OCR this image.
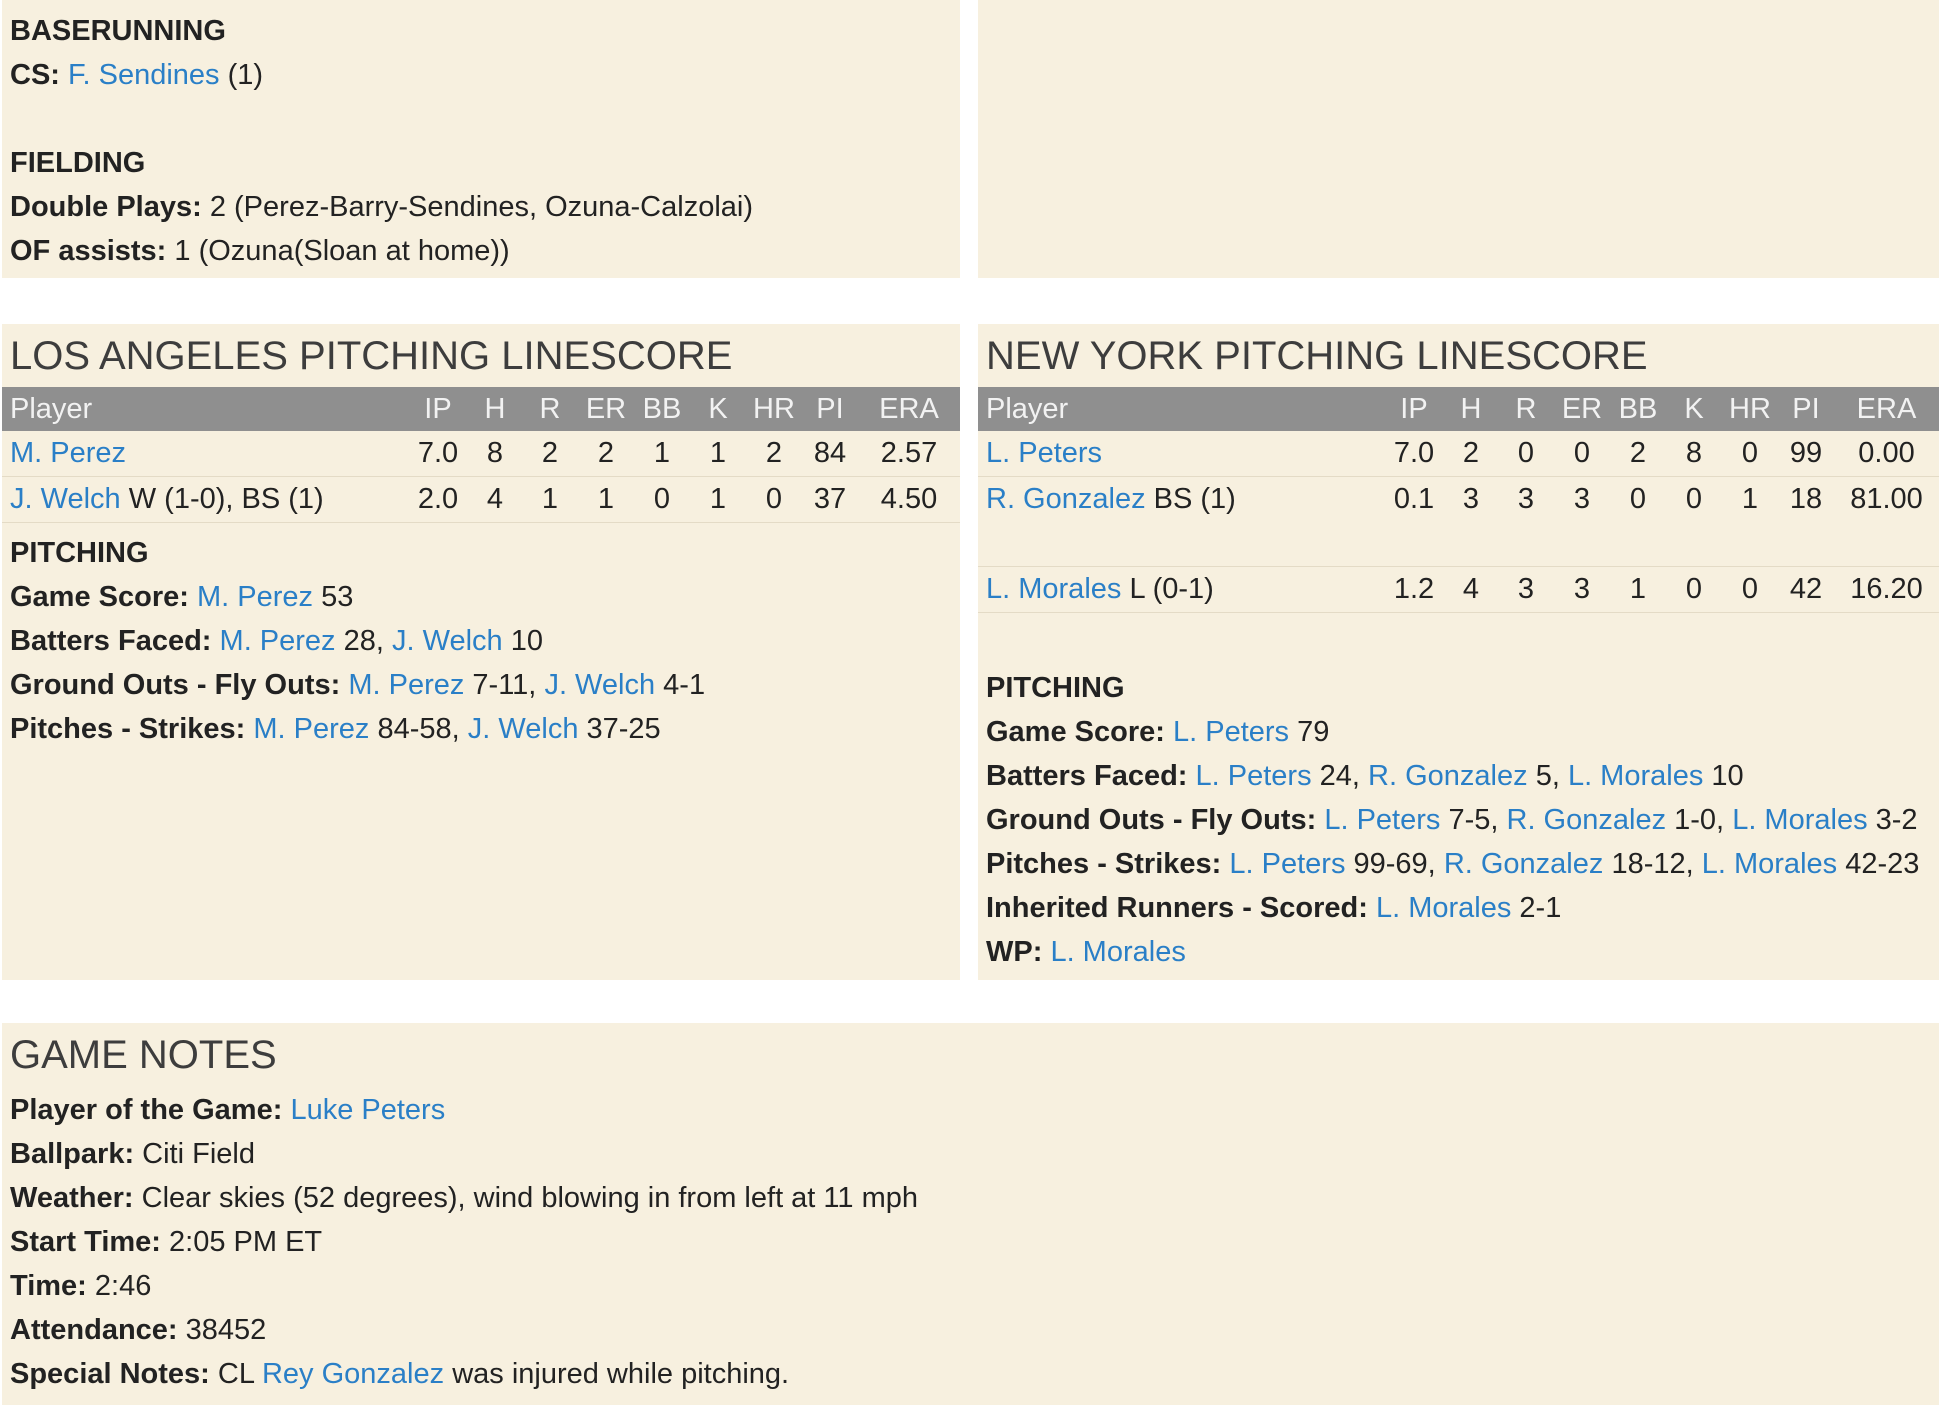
BASERUNNING
CS: F. Sendines (1)
FIELDING
Double Plays: 2 (Perez-Barry-Sendines, Ozuna-Calzolai)
OF assists: 1 (Ozuna(Sloan at home))
LOS ANGELES PITCHING LINESCORE
Player	IP	H	R	ER	BB	K	HR	PI	ERA
M. Perez	7.0	8	2	2	1	1	2	84	2.57
J. Welch W (1-0), BS (1)	2.0	4	1	1	0	1	0	37	4.50
PITCHING
Game Score: M. Perez 53
Batters Faced: M. Perez 28, J. Welch 10
Ground Outs - Fly Outs: M. Perez 7-11, J. Welch 4-1
Pitches - Strikes: M. Perez 84-58, J. Welch 37-25
NEW YORK PITCHING LINESCORE
Player	IP	H	R	ER	BB	K	HR	PI	ERA
L. Peters	7.0	2	0	0	2	8	0	99	0.00
R. Gonzalez BS (1)	0.1	3	3	3	0	0	1	18	81.00

L. Morales L (0-1)	1.2	4	3	3	1	0	0	42	16.20
PITCHING
Game Score: L. Peters 79
Batters Faced: L. Peters 24, R. Gonzalez 5, L. Morales 10
Ground Outs - Fly Outs: L. Peters 7-5, R. Gonzalez 1-0, L. Morales 3-2
Pitches - Strikes: L. Peters 99-69, R. Gonzalez 18-12, L. Morales 42-23
Inherited Runners - Scored: L. Morales 2-1
WP: L. Morales
GAME NOTES
Player of the Game: Luke Peters
Ballpark: Citi Field
Weather: Clear skies (52 degrees), wind blowing in from left at 11 mph
Start Time: 2:05 PM ET
Time: 2:46
Attendance: 38452
Special Notes: CL Rey Gonzalez was injured while pitching.
